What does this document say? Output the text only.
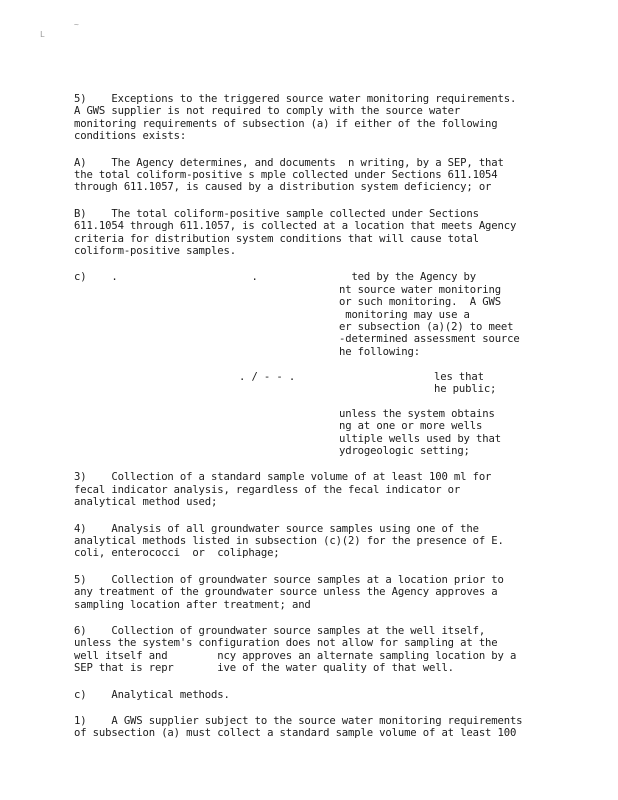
L
~
5)    Exceptions to the triggered source water monitoring requirements.
A GWS supplier is not required to comply with the source water
monitoring requirements of subsection (a) if either of the following
conditions exists:
A)    The Agency determines, and documents  n writing, by a SEP, that
the total coliform-positive s mple collected under Sections 611.1054
through 611.1057, is caused by a distribution system deficiency; or
B)    The total coliform-positive sample collected under Sections
611.1054 through 611.1057, is collected at a location that meets Agency
criteria for distribution system conditions that will cause total
coliform-positive samples.
c)    .	.	ted by the Agency by
nt source water monitoring
or such monitoring.  A GWS
monitoring may use a
er subsection (a)(2) to meet
-determined assessment source
he following:
. / - - .	les that
he public;
unless the system obtains
ng at one or more wells
ultiple wells used by that
ydrogeologic setting;
3)    Collection of a standard sample volume of at least 100 ml for
fecal indicator analysis, regardless of the fecal indicator or
analytical method used;
4)    Analysis of all groundwater source samples using one of the
analytical methods listed in subsection (c)(2) for the presence of E.
coli, enterococci  or  coliphage;
5)    Collection of groundwater source samples at a location prior to
any treatment of the groundwater source unless the Agency approves a
sampling location after treatment; and
6)    Collection of groundwater source samples at the well itself,
unless the system's configuration does not allow for sampling at the
well itself and        ncy approves an alternate sampling location by a
SEP that is repr       ive of the water quality of that well.
c)    Analytical methods.
1)    A GWS supplier subject to the source water monitoring requirements
of subsection (a) must collect a standard sample volume of at least 100
